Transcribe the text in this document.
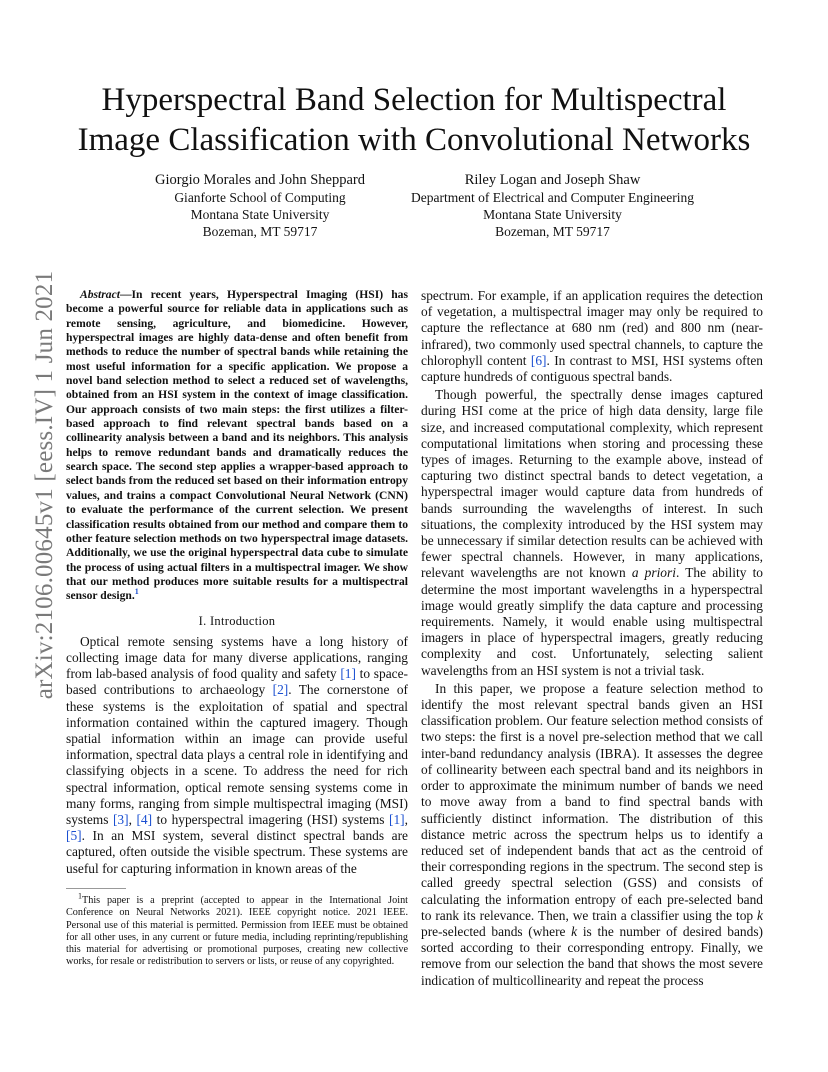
Hyperspectral Band Selection for Multispectral
Image Classification with Convolutional Networks
Giorgio Morales and John Sheppard
Gianforte School of Computing
Montana State University
Bozeman, MT 59717
Riley Logan and Joseph Shaw
Department of Electrical and Computer Engineering
Montana State University
Bozeman, MT 59717
arXiv:2106.00645v1 [eess.IV] 1 Jun 2021	Abstract—In recent years, Hyperspectral Imaging (HSI) has become a powerful source for reliable data in applications such as remote sensing, agriculture, and biomedicine. However, hyperspectral images are highly data-dense and often benefit from methods to reduce the number of spectral bands while retaining the most useful information for a specific application. We propose a novel band selection method to select a reduced set of wavelengths, obtained from an HSI system in the context of image classification. Our approach consists of two main steps: the first utilizes a filter-based approach to find relevant spectral bands based on a collinearity analysis between a band and its neighbors. This analysis helps to remove redundant bands and dramatically reduces the search space. The second step applies a wrapper-based approach to select bands from the reduced set based on their information entropy values, and trains a compact Convolutional Neural Network (CNN) to evaluate the performance of the current selection. We present classification results obtained from our method and compare them to other feature selection methods on two hyperspectral image datasets. Additionally, we use the original hyperspectral data cube to simulate the process of using actual filters in a multispectral imager. We show that our method produces more suitable results for a multispectral sensor design.$^1$

I. Introduction

Optical remote sensing systems have a long history of collecting image data for many diverse applications, ranging from lab-based analysis of food quality and safety [1] to space-based contributions to archaeology [2]. The cornerstone of these systems is the exploitation of spatial and spectral information contained within the captured imagery. Though spatial information within an image can provide useful information, spectral data plays a central role in identifying and classifying objects in a scene. To address the need for rich spectral information, optical remote sensing systems come in many forms, ranging from simple multispectral imaging (MSI) systems [3], [4] to hyperspectral imagering (HSI) systems [1], [5]. In an MSI system, several distinct spectral bands are captured, often outside the visible spectrum. These systems are useful for capturing information in known areas of the

$^1$This paper is a preprint (accepted to appear in the International Joint Conference on Neural Networks 2021). IEEE copyright notice. 2021 IEEE. Personal use of this material is permitted. Permission from IEEE must be obtained for all other uses, in any current or future media, including reprinting/republishing this material for advertising or promotional purposes, creating new collective works, for resale or redistribution to servers or lists, or reuse of any copyrighted.

spectrum. For example, if an application requires the detection of vegetation, a multispectral imager may only be required to capture the reflectance at 680 nm (red) and 800 nm (near-infrared), two commonly used spectral channels, to capture the chlorophyll content [6]. In contrast to MSI, HSI systems often capture hundreds of contiguous spectral bands.

Though powerful, the spectrally dense images captured during HSI come at the price of high data density, large file size, and increased computational complexity, which represent computational limitations when storing and processing these types of images. Returning to the example above, instead of capturing two distinct spectral bands to detect vegetation, a hyperspectral imager would capture data from hundreds of bands surrounding the wavelengths of interest. In such situations, the complexity introduced by the HSI system may be unnecessary if similar detection results can be achieved with fewer spectral channels. However, in many applications, relevant wavelengths are not known a priori. The ability to determine the most important wavelengths in a hyperspectral image would greatly simplify the data capture and processing requirements. Namely, it would enable using multispectral imagers in place of hyperspectral imagers, greatly reducing complexity and cost. Unfortunately, selecting salient wavelengths from an HSI system is not a trivial task.

In this paper, we propose a feature selection method to identify the most relevant spectral bands given an HSI classification problem. Our feature selection method consists of two steps: the first is a novel pre-selection method that we call inter-band redundancy analysis (IBRA). It assesses the degree of collinearity between each spectral band and its neighbors in order to approximate the minimum number of bands we need to move away from a band to find spectral bands with sufficiently distinct information. The distribution of this distance metric across the spectrum helps us to identify a reduced set of independent bands that act as the centroid of their corresponding regions in the spectrum. The second step is called greedy spectral selection (GSS) and consists of calculating the information entropy of each pre-selected band to rank its relevance. Then, we train a classifier using the top k pre-selected bands (where k is the number of desired bands) sorted according to their corresponding entropy. Finally, we remove from our selection the band that shows the most severe indication of multicollinearity and repeat the process
